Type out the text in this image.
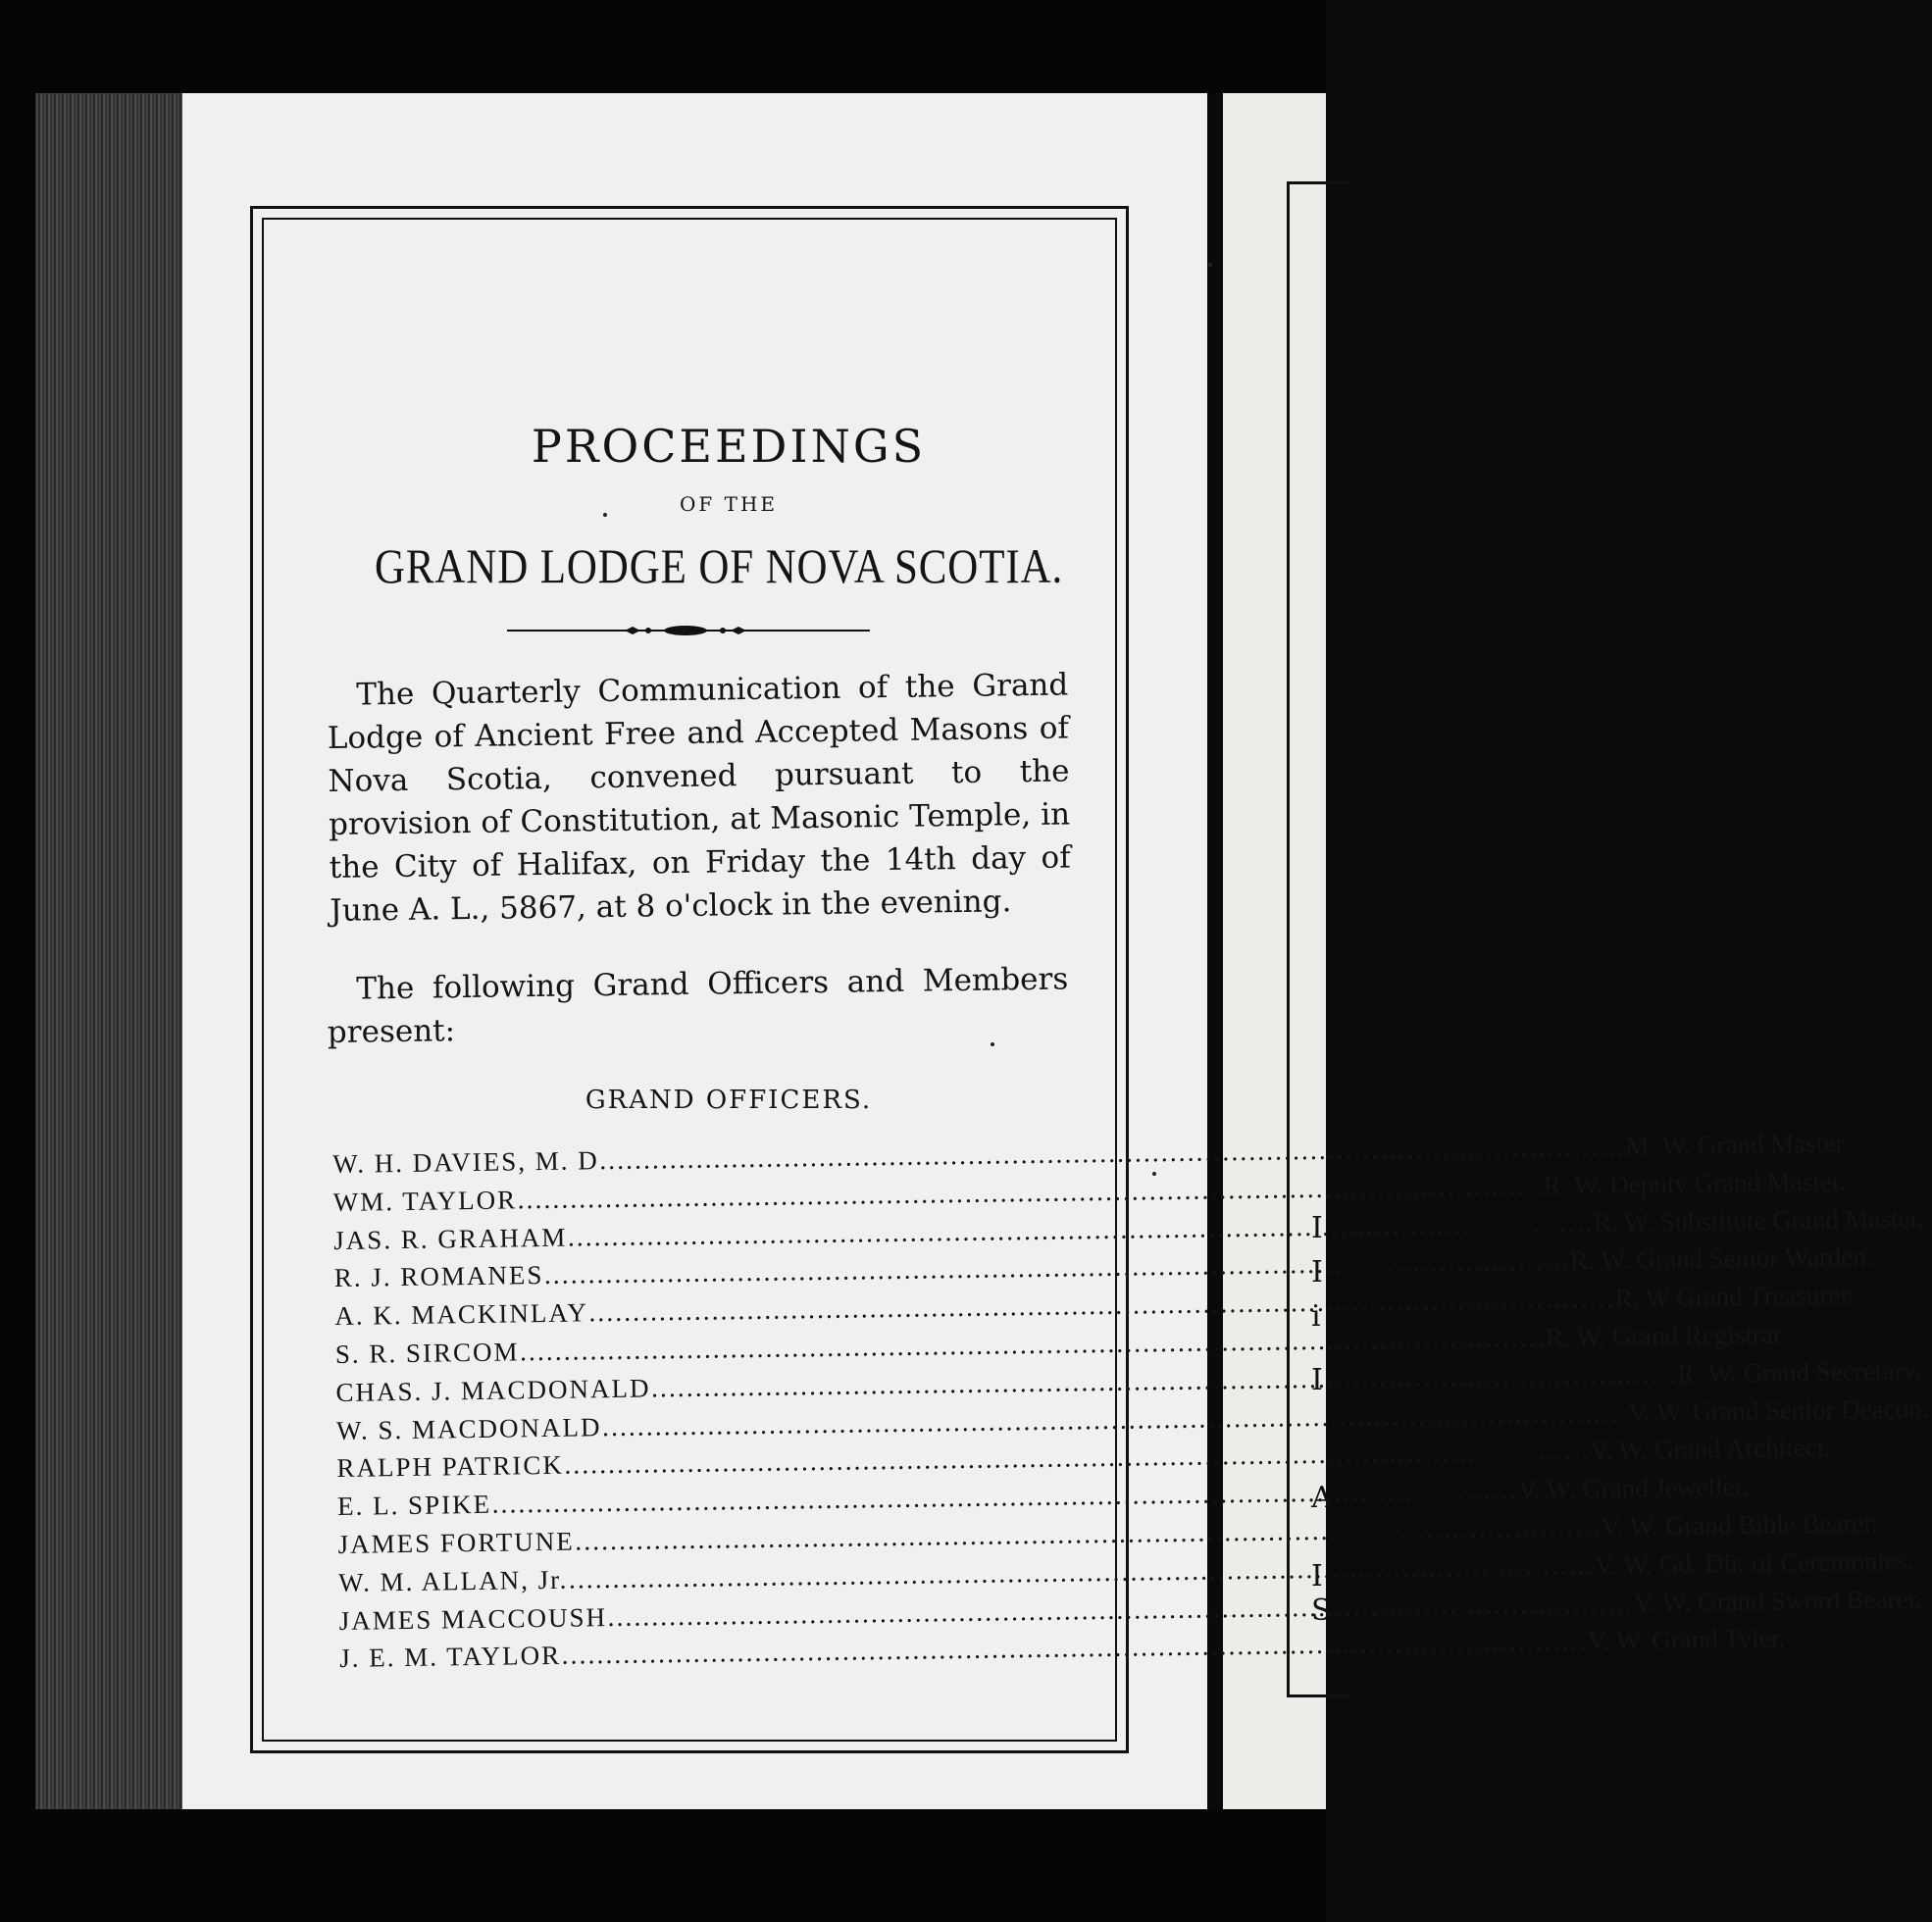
I
I
i
I
A
I
S
PROCEEDINGS
OF THE
GRAND LODGE OF NOVA SCOTIA.
The Quarterly Communication of the Grand Lodge of Ancient Free and Accepted Masons of Nova Scotia, convened pursuant to the provision of Constitution, at Masonic Temple, in the City of Halifax, on Friday the 14th day of June A. L., 5867, at 8 o'clock in the evening.
The following Grand Officers and Members present:
GRAND OFFICERS.
W. H. DAVIES, M. D
.....
M. W. Grand Master.
WM. TAYLOR
.....
R. W. Deputy Grand Master.
JAS. R. GRAHAM
.....
R. W. Substitute Grand Master.
R. J. ROMANES
.....
R. W. Grand Senior Warden.
A. K. MACKINLAY
.....
R. W Grand Treasurer.
S. R. SIRCOM
.....
R. W. Grand Registrar.
CHAS. J. MACDONALD
.....
R. W. Grand Secretary.
W. S. MACDONALD
.....
V. W. Grand Senior Deacon.
RALPH PATRICK
.....
V. W. Grand Architect.
E. L. SPIKE
.....
V. W. Grand Jeweller.
JAMES FORTUNE
.....
V. W. Grand Bible Bearer.
W. M. ALLAN, Jr.
.....
V. W. Gd. Dir. of Ceremonies.
JAMES MACCOUSH
.....
V. W. Grand Sword Bearer.
J. E. M. TAYLOR
.....
V. W. Grand Tyler.
